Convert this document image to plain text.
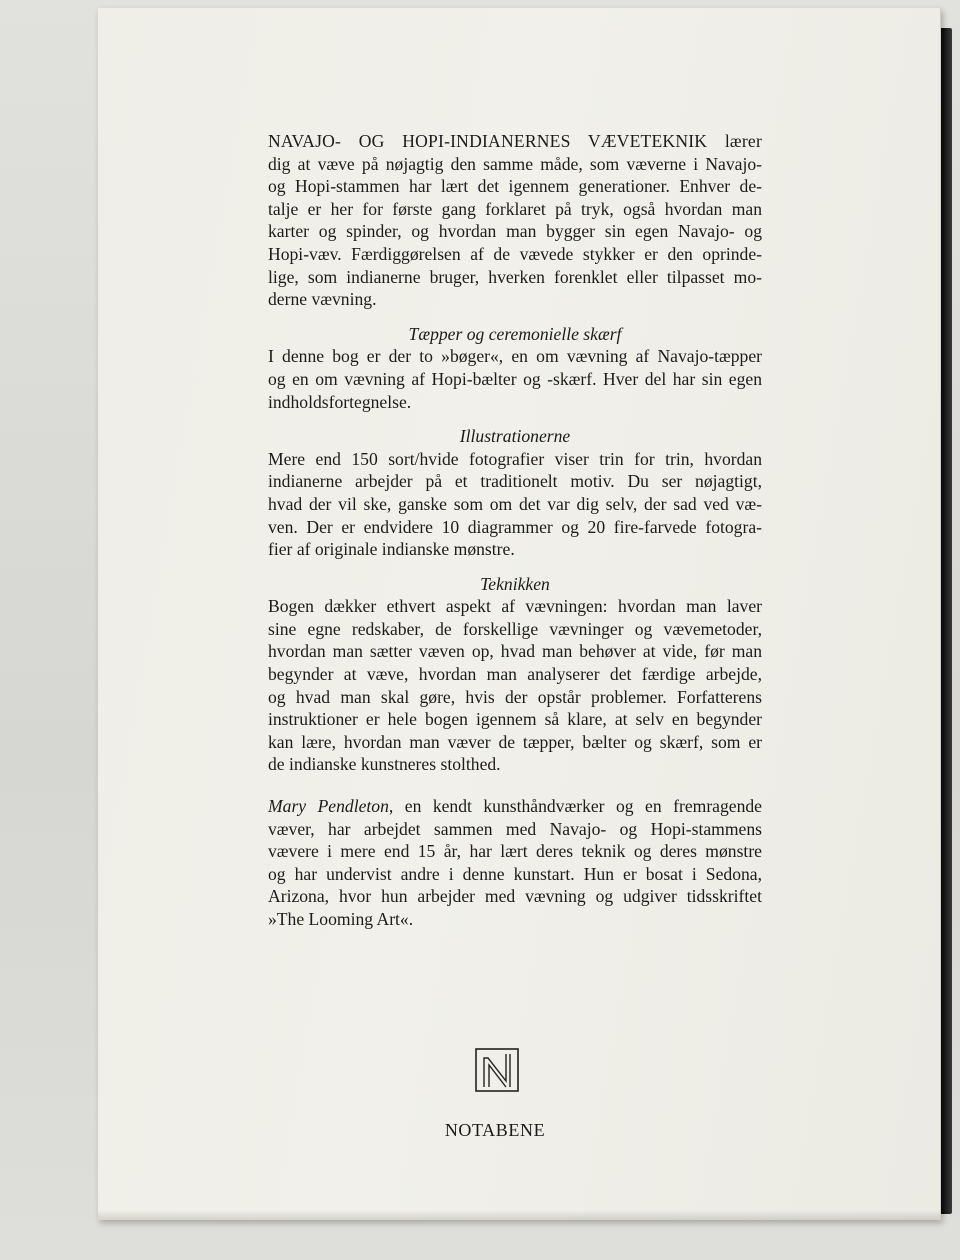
NAVAJO- OG HOPI-INDIANERNES VÆVETEKNIK lærer
dig at væve på nøjagtig den samme måde, som væverne i Navajo-
og Hopi-stammen har lært det igennem generationer. Enhver de-
talje er her for første gang forklaret på tryk, også hvordan man
karter og spinder, og hvordan man bygger sin egen Navajo- og
Hopi-væv. Færdiggørelsen af de vævede stykker er den oprinde-
lige, som indianerne bruger, hverken forenklet eller tilpasset mo-
derne vævning.

Tæpper og ceremonielle skærf
I denne bog er der to »bøger«, en om vævning af Navajo-tæpper
og en om vævning af Hopi-bælter og -skærf. Hver del har sin egen
indholdsfortegnelse.
Illustrationerne
Mere end 150 sort/hvide fotografier viser trin for trin, hvordan
indianerne arbejder på et traditionelt motiv. Du ser nøjagtigt,
hvad der vil ske, ganske som om det var dig selv, der sad ved væ-
ven. Der er endvidere 10 diagrammer og 20 fire-farvede fotogra-
fier af originale indianske mønstre.
Teknikken
Bogen dækker ethvert aspekt af vævningen: hvordan man laver
sine egne redskaber, de forskellige vævninger og vævemetoder,
hvordan man sætter væven op, hvad man behøver at vide, før man
begynder at væve, hvordan man analyserer det færdige arbejde,
og hvad man skal gøre, hvis der opstår problemer. Forfatterens
instruktioner er hele bogen igennem så klare, at selv en begynder
kan lære, hvordan man væver de tæpper, bælter og skærf, som er
de indianske kunstneres stolthed.
Mary Pendleton, en kendt kunsthåndværker og en fremragende
væver, har arbejdet sammen med Navajo- og Hopi-stammens
vævere i mere end 15 år, har lært deres teknik og deres mønstre
og har undervist andre i denne kunstart. Hun er bosat i Sedona,
Arizona, hvor hun arbejder med vævning og udgiver tidsskriftet
»The Looming Art«.
NOTABENE
